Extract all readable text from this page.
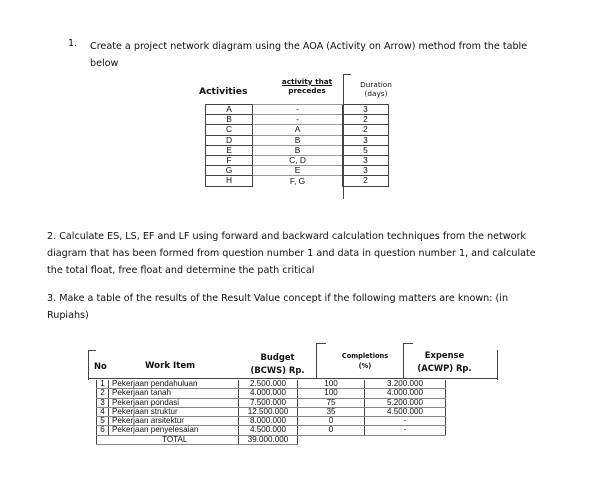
1. Create a project network diagram using the AOA (Activity on Arrow) method from the table
below
Activities
activity that
precedes
Duration
(days)
A	-	3
B	-	2
C	A	2
D	B	3
E	B	5
F	C, D	3
G	E	3
H	F, G	2
2. Calculate ES, LS, EF and LF using forward and backward calculation techniques from the network
diagram that has been formed from question number 1 and data in question number 1, and calculate
the total float, free float and determine the path critical
3. Make a table of the results of the Result Value concept if the following matters are known: (in
Rupiahs)
No	Work Item
Budget
(BCWS) Rp.
Completions
(%)
Expense
(ACWP) Rp.
1	Pekerjaan pendahuluan	2.500.000	100	3.200.000
2	Pekerjaan tanah	4.000.000	100	4.000.000
3	Pekerjaan pondasi	7.500.000	75	5.200.000
4	Pekerjaan struktur	12.500.000	35	4.500.000
5	Pekerjaan arsitektur	8.000.000	0	-
6	Pekerjaan penyelesaian	4.500.000	0	-
	TOTAL	39.000.000		
